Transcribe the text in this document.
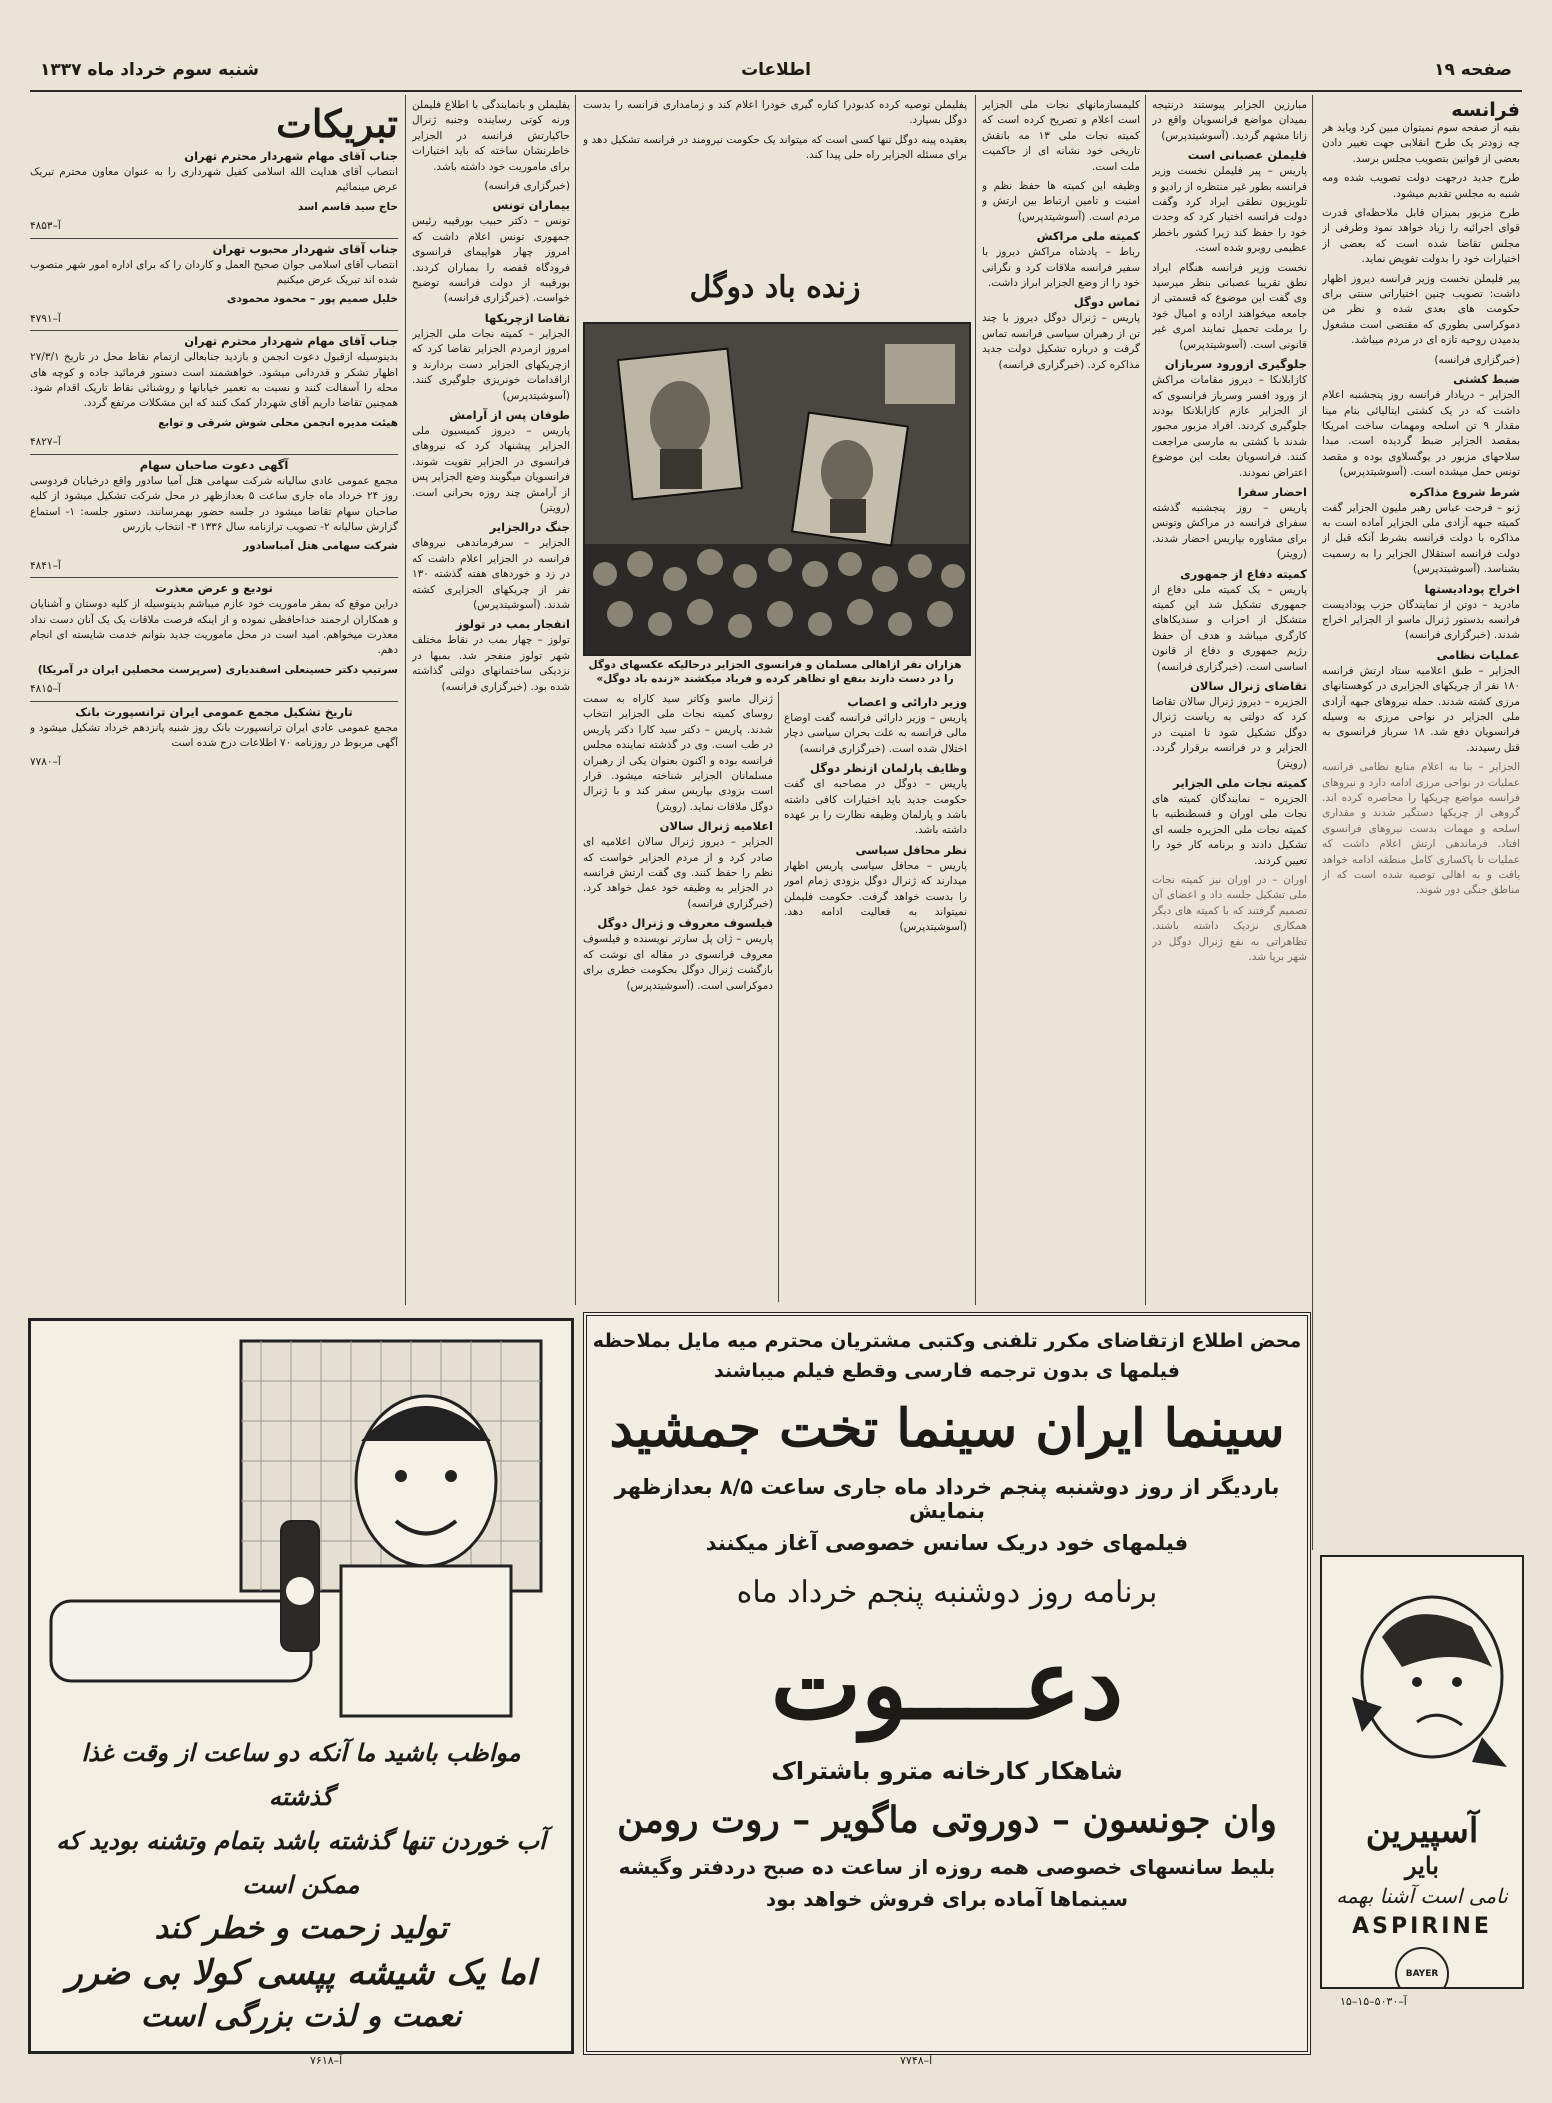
صفحه ۱۹
اطلاعات
شنبه سوم خرداد ماه ۱۳۳۷
فرانسه

بقیه از صفحه سوم نمیتوان مبین کرد ویاید هر چه زودتر یک طرح انقلابی جهت تغییر دادن بعضی از قوانین بتصویب مجلس برسد.

طرح جدید درجهت دولت تصویب شده ومه شنبه به مجلس تقدیم میشود.

طرح مزبور بمیزان قابل ملاحظه‌ای قدرت قوای اجرائیه را زیاد خواهد نمود وطرفی از مجلس تقاضا شده است که بعضی از اختیارات خود را بدولت تفویض نماید.

پیر فلیملن نخست وزیر فرانسه دیروز اظهار داشت: تصویب چنین اختیاراتی سنتی برای حکومت های بعدی شده و نظر من دموکراسی بطوری که مقتضی است مشغول بدمیدن روحیه تازه ای در مردم میباشد.

(خبرگزاری فرانسه)

ضبط کشتی

الجزایر – دریادار فرانسه روز پنجشنبه اعلام داشت که در یک کشتی ایتالیائی بنام مینا مقدار ۹ تن اسلحه ومهمات ساخت امریکا بمقصد الجزایر ضبط گردیده است. مبدا سلاحهای مزبور در یوگسلاوی بوده و مقصد تونس حمل میشده است. (آسوشیتدپرس)

شرط شروع مذاکره

ژنو – فرحت عباس رهبر ملیون الجزایر گفت کمیته جبهه آزادی ملی الجزایر آماده است به مذاکره با دولت فرانسه بشرط آنکه قبل از دولت فرانسه استقلال الجزایر را به رسمیت بشناسد. (آسوشیتدپرس)

اخراج پودادیستها

مادرید – دوتن از نمایندگان حزب پودادیست فرانسه بدستور ژنرال ماسو از الجزایر اخراج شدند. (خبرگزاری فرانسه)

عملیات نظامی

الجزایر – طبق اعلامیه ستاد ارتش فرانسه ۱۸۰ نفر از چریکهای الجزایری در کوهستانهای مرزی کشته شدند. حمله نیروهای جبهه آزادی ملی الجزایر در نواحی مرزی به وسیله فرانسویان دفع شد. ۱۸ سرباز فرانسوی به قتل رسیدند.

الجزایر – بنا به اعلام منابع نظامی فرانسه عملیات در نواحی مرزی ادامه دارد و نیروهای فرانسه مواضع چریکها را محاصره کرده اند. گروهی از چریکها دستگیر شدند و مقداری اسلحه و مهمات بدست نیروهای فرانسوی افتاد. فرماندهی ارتش اعلام داشت که عملیات تا پاکسازی کامل منطقه ادامه خواهد یافت و به اهالی توصیه شده است که از مناطق جنگی دور شوند.

مبارزین الجزایر پیوستند درنتیجه بمیدان مواضع فرانسویان واقع در زانا مشهم گردید. (آسوشیتدپرس)

فلیملن عصبانی است

پاریس – پیر فلیملن نخست وزیر فرانسه بطور غیر منتظره از رادیو و تلویزیون نطقی ایراد کرد وگفت دولت فرانسه اختیار کرد که وحدت خود را حفظ کند زیرا کشور باخطر عظیمی روبرو شده است.

نخست وزیر فرانسه هنگام ایراد نطق تقریبا عصبانی بنظر میرسید وی گفت این موضوع که قسمتی از جامعه میخواهند اراده و امیال خود را برملت تحمیل نمایند امری غیر قانونی است. (آسوشیتدپرس)

جلوگیری ازورود سربازان

کازابلانکا – دیروز مقامات مراکش از ورود افسر وسرباز فرانسوی که از الجزایر عازم کازابلانکا بودند جلوگیری کردند. افراد مزبور مجبور شدند با کشتی به مارسی مراجعت کنند. فرانسویان بعلت این موضوع اعتراض نمودند.

احضار سفرا

پاریس – روز پنجشنبه گذشته سفرای فرانسه در مراکش وتونس برای مشاوره بپاریس احضار شدند. (رویتر)

کمیته دفاع از جمهوری

پاریس – یک کمیته ملی دفاع از جمهوری تشکیل شد این کمیته متشکل از احزاب و سندیکاهای کارگری میباشد و هدف آن حفظ رژیم جمهوری و دفاع از قانون اساسی است. (خبرگزاری فرانسه)

تقاضای ژنرال سالان

الجزیره – دیروز ژنرال سالان تقاضا کرد که دولتی به ریاست ژنرال دوگل تشکیل شود تا امنیت در الجزایر و در فرانسه برقرار گردد. (رویتر)

کمیته نجات ملی الجزایر

الجزیره – نمایندگان کمیته های نجات ملی اوران و قسطنطنیه با کمیته نجات ملی الجزیره جلسه ای تشکیل دادند و برنامه کار خود را تعیین کردند.

اوران – در اوران نیز کمیته نجات ملی تشکیل جلسه داد و اعضای آن تصمیم گرفتند که با کمیته های دیگر همکاری نزدیک داشته باشند. تظاهراتی به نفع ژنرال دوگل در شهر برپا شد.

کلیمسازمانهای نجات ملی الجزایر است اعلام و تصریح کرده است که کمیته نجات ملی ۱۳ مه بانقش تاریخی خود نشانه ای از حاکمیت ملت است.

وظیفه این کمیته ها حفظ نظم و امنیت و تامین ارتباط بین ارتش و مردم است. (آسوشیتدپرس)

کمیته ملی مراکش

رباط – پادشاه مراکش دیروز با سفیر فرانسه ملاقات کرد و نگرانی خود را از وضع الجزایر ابراز داشت.

تماس دوگل

پاریس – ژنرال دوگل دیروز با چند تن از رهبران سیاسی فرانسه تماس گرفت و درباره تشکیل دولت جدید مذاکره کرد. (خبرگزاری فرانسه)

پفلیملن توصیه کرده کدبودرا کناره گیری خودرا اعلام کند و زمامداری فرانسه را بدست دوگل بسپارد.

بعقیده پینه دوگل تنها کسی است که میتواند یک حکومت نیرومند در فرانسه تشکیل دهد و برای مسئله الجزایر راه حلی پیدا کند.

زنده باد دوگل
هزاران نفر ازاهالی مسلمان و فرانسوی الجزایر درحالیکه عکسهای دوگل را در دست دارند بنفع او تظاهر کرده و فریاد میکشند «زنده باد دوگل»

ژنرال ماسو وکاتر سید کاراه به سمت روسای کمیته نجات ملی الجزایر انتخاب شدند. پاریس – دکتر سید کارا دکتر پاریس در طب است. وی در گذشته نماینده مجلس فرانسه بوده و اکنون بعنوان یکی از رهبران مسلمانان الجزایر شناخته میشود. قرار است بزودی بپاریس سفر کند و با ژنرال دوگل ملاقات نماید. (رویتر)

اعلامیه ژنرال سالان

الجزایر – دیروز ژنرال سالان اعلامیه ای صادر کرد و از مردم الجزایر خواست که نظم را حفظ کنند. وی گفت ارتش فرانسه در الجزایر به وظیفه خود عمل خواهد کرد. (خبرگزاری فرانسه)

فیلسوف معروف و ژنرال دوگل

پاریس – ژان پل سارتر نویسنده و فیلسوف معروف فرانسوی در مقاله ای نوشت که بازگشت ژنرال دوگل بحکومت خطری برای دموکراسی است. (آسوشیتدپرس)

وزیر دارائی و اعصاب

پاریس – وزیر دارائی فرانسه گفت اوضاع مالی فرانسه به علت بحران سیاسی دچار اختلال شده است. (خبرگزاری فرانسه)

وظایف پارلمان ازنظر دوگل

پاریس – دوگل در مصاحبه ای گفت حکومت جدید باید اختیارات کافی داشته باشد و پارلمان وظیفه نظارت را بر عهده داشته باشد.

نظر محافل سیاسی

پاریس – محافل سیاسی پاریس اظهار میدارند که ژنرال دوگل بزودی زمام امور را بدست خواهد گرفت. حکومت فلیملن نمیتواند به فعالیت ادامه دهد. (آسوشیتدپرس)

یفلیملن و بانمایندگی با اطلاع فلیملن ورنه کوتی رساینده وجنبه ژنرال حاکیارتش فرانسه در الجزایر خاطرنشان ساخته که باید اختیارات برای ماموریت خود داشته باشد.

(خبرگزاری فرانسه)

بیماران تونس

تونس – دکتر حبیب بورقیبه رئیس جمهوری تونس اعلام داشت که امروز چهار هواپیمای فرانسوی فرودگاه قفصه را بمباران کردند. بورقیبه از دولت فرانسه توضیح خواست. (خبرگزاری فرانسه)

تقاضا ازچریکها

الجزایر – کمیته نجات ملی الجزایر امروز ازمردم الجزایر تقاضا کرد که ازچریکهای الجزایر دست بردارند و ازاقدامات خونریزی جلوگیری کنند. (آسوشیتدپرس)

طوفان پس از آرامش

پاریس – دیروز کمیسیون ملی الجزایر پیشنهاد کرد که نیروهای فرانسوی در الجزایر تقویت شوند. فرانسویان میگویند وضع الجزایر پس از آرامش چند روزه بحرانی است. (رویتر)

جنگ درالجزایر

الجزایر – سرفرماندهی نیروهای فرانسه در الجزایر اعلام داشت که در زد و خوردهای هفته گذشته ۱۳۰ نفر از چریکهای الجزایری کشته شدند. (آسوشیتدپرس)

انفجار بمب در تولوز

تولوز – چهار بمب در نقاط مختلف شهر تولوز منفجر شد. بمبها در نزدیکی ساختمانهای دولتی گذاشته شده بود. (خبرگزاری فرانسه)

تبریکات
جناب آقای مهام شهردار محترم تهران

انتصاب آقای هدایت الله اسلامی کفیل شهرداری را به عنوان معاون محترم تبریک عرض مینمائیم

حاج سید قاسم اسد

آ–۴۸۵۳

جناب آقای شهردار محبوب تهران

انتصاب آقای اسلامی جوان صحیح العمل و کاردان را که برای اداره امور شهر منصوب شده اند تبریک عرض میکنیم

خلیل صمیم پور – محمود محمودی

آ–۴۷۹۱

جناب آقای مهام شهردار محترم تهران

بدینوسیله ازقبول دعوت انجمن و بازدید جنابعالی ازتمام نقاط محل در تاریخ ۲۷/۳/۱ اظهار تشکر و قدردانی میشود. خواهشمند است دستور فرمائید جاده و کوچه های محله را آسفالت کنند و نسبت به تعمیر خیابانها و روشنائی نقاط تاریک اقدام شود. همچنین تقاضا داریم آقای شهردار کمک کنند که این مشکلات مرتفع گردد.

هیئت مدیره انجمن محلی شوش شرقی و توابع

آ–۴۸۲۷

آگهی دعوت صاحبان سهام

مجمع عمومی عادی سالیانه شرکت سهامی هتل آمیا سادور واقع درخیابان فردوسی روز ۲۴ خرداد ماه جاری ساعت ۵ بعدازظهر در محل شرکت تشکیل میشود از کلیه صاحبان سهام تقاضا میشود در جلسه حضور بهمرسانند. دستور جلسه: ۱- استماع گزارش سالیانه ۲- تصویب ترازنامه سال ۱۳۳۶ ۳- انتخاب بازرس

شرکت سهامی هتل آمباسادور

آ–۴۸۴۱

تودیع و عرض معذرت

دراین موقع که بمقر ماموریت خود عازم میباشم بدینوسیله از کلیه دوستان و آشنایان و همکاران ارجمند خداحافظی نموده و از اینکه فرصت ملاقات یک یک آنان دست نداد معذرت میخواهم. امید است در محل ماموریت جدید بتوانم خدمت شایسته ای انجام دهم.

سرتیپ دکتر حسینعلی اسفندیاری (سرپرست محصلین ایران در آمریکا)

آ–۴۸۱۵

تاریخ تشکیل مجمع عمومی ایران ترانسپورت بانک

مجمع عمومی عادی ایران ترانسپورت بانک روز شنبه پانزدهم خرداد تشکیل میشود و آگهی مربوط در روزنامه ۷۰ اطلاعات درج شده است

آ–۷۷۸۰

محض اطلاع ازتقاضای مکرر تلفنی وکتبی مشتریان محترم میه مایل بملاحظه
فیلمها ی بدون ترجمه فارسی وقطع فیلم میباشند
سینما ایران سینما تخت جمشید
باردیگر از روز دوشنبه پنجم خرداد ماه جاری ساعت ۸/۵ بعدازظهر بنمایش
فیلمهای خود دریک سانس خصوصی آغاز میکنند
برنامه روز دوشنبه پنجم خرداد ماه
دعــــوت
شاهکار کارخانه مترو باشتراک
وان جونسون – دوروتی ماگویر – روت رومن
بلیط سانسهای خصوصی همه روزه از ساعت ده صبح دردفتر وگیشه
سینماها آماده برای فروش خواهد بود
آ–۷۷۴۸
مواظب باشید ما آنکه دو ساعت از وقت غذا گذشته
آب خوردن تنها گذشته باشد بتمام وتشنه بودید که ممکن است
تولید زحمت و خطر کند
اما یک شیشه پپسی کولا بی ضرر
نعمت و لذت بزرگی است
آ–۷۶۱۸
آسپیرین
بایر
نامی است آشنا بهمه
ASPIRINE
BAYER
آ–۵۰۳۰–۱۵–۱۵
